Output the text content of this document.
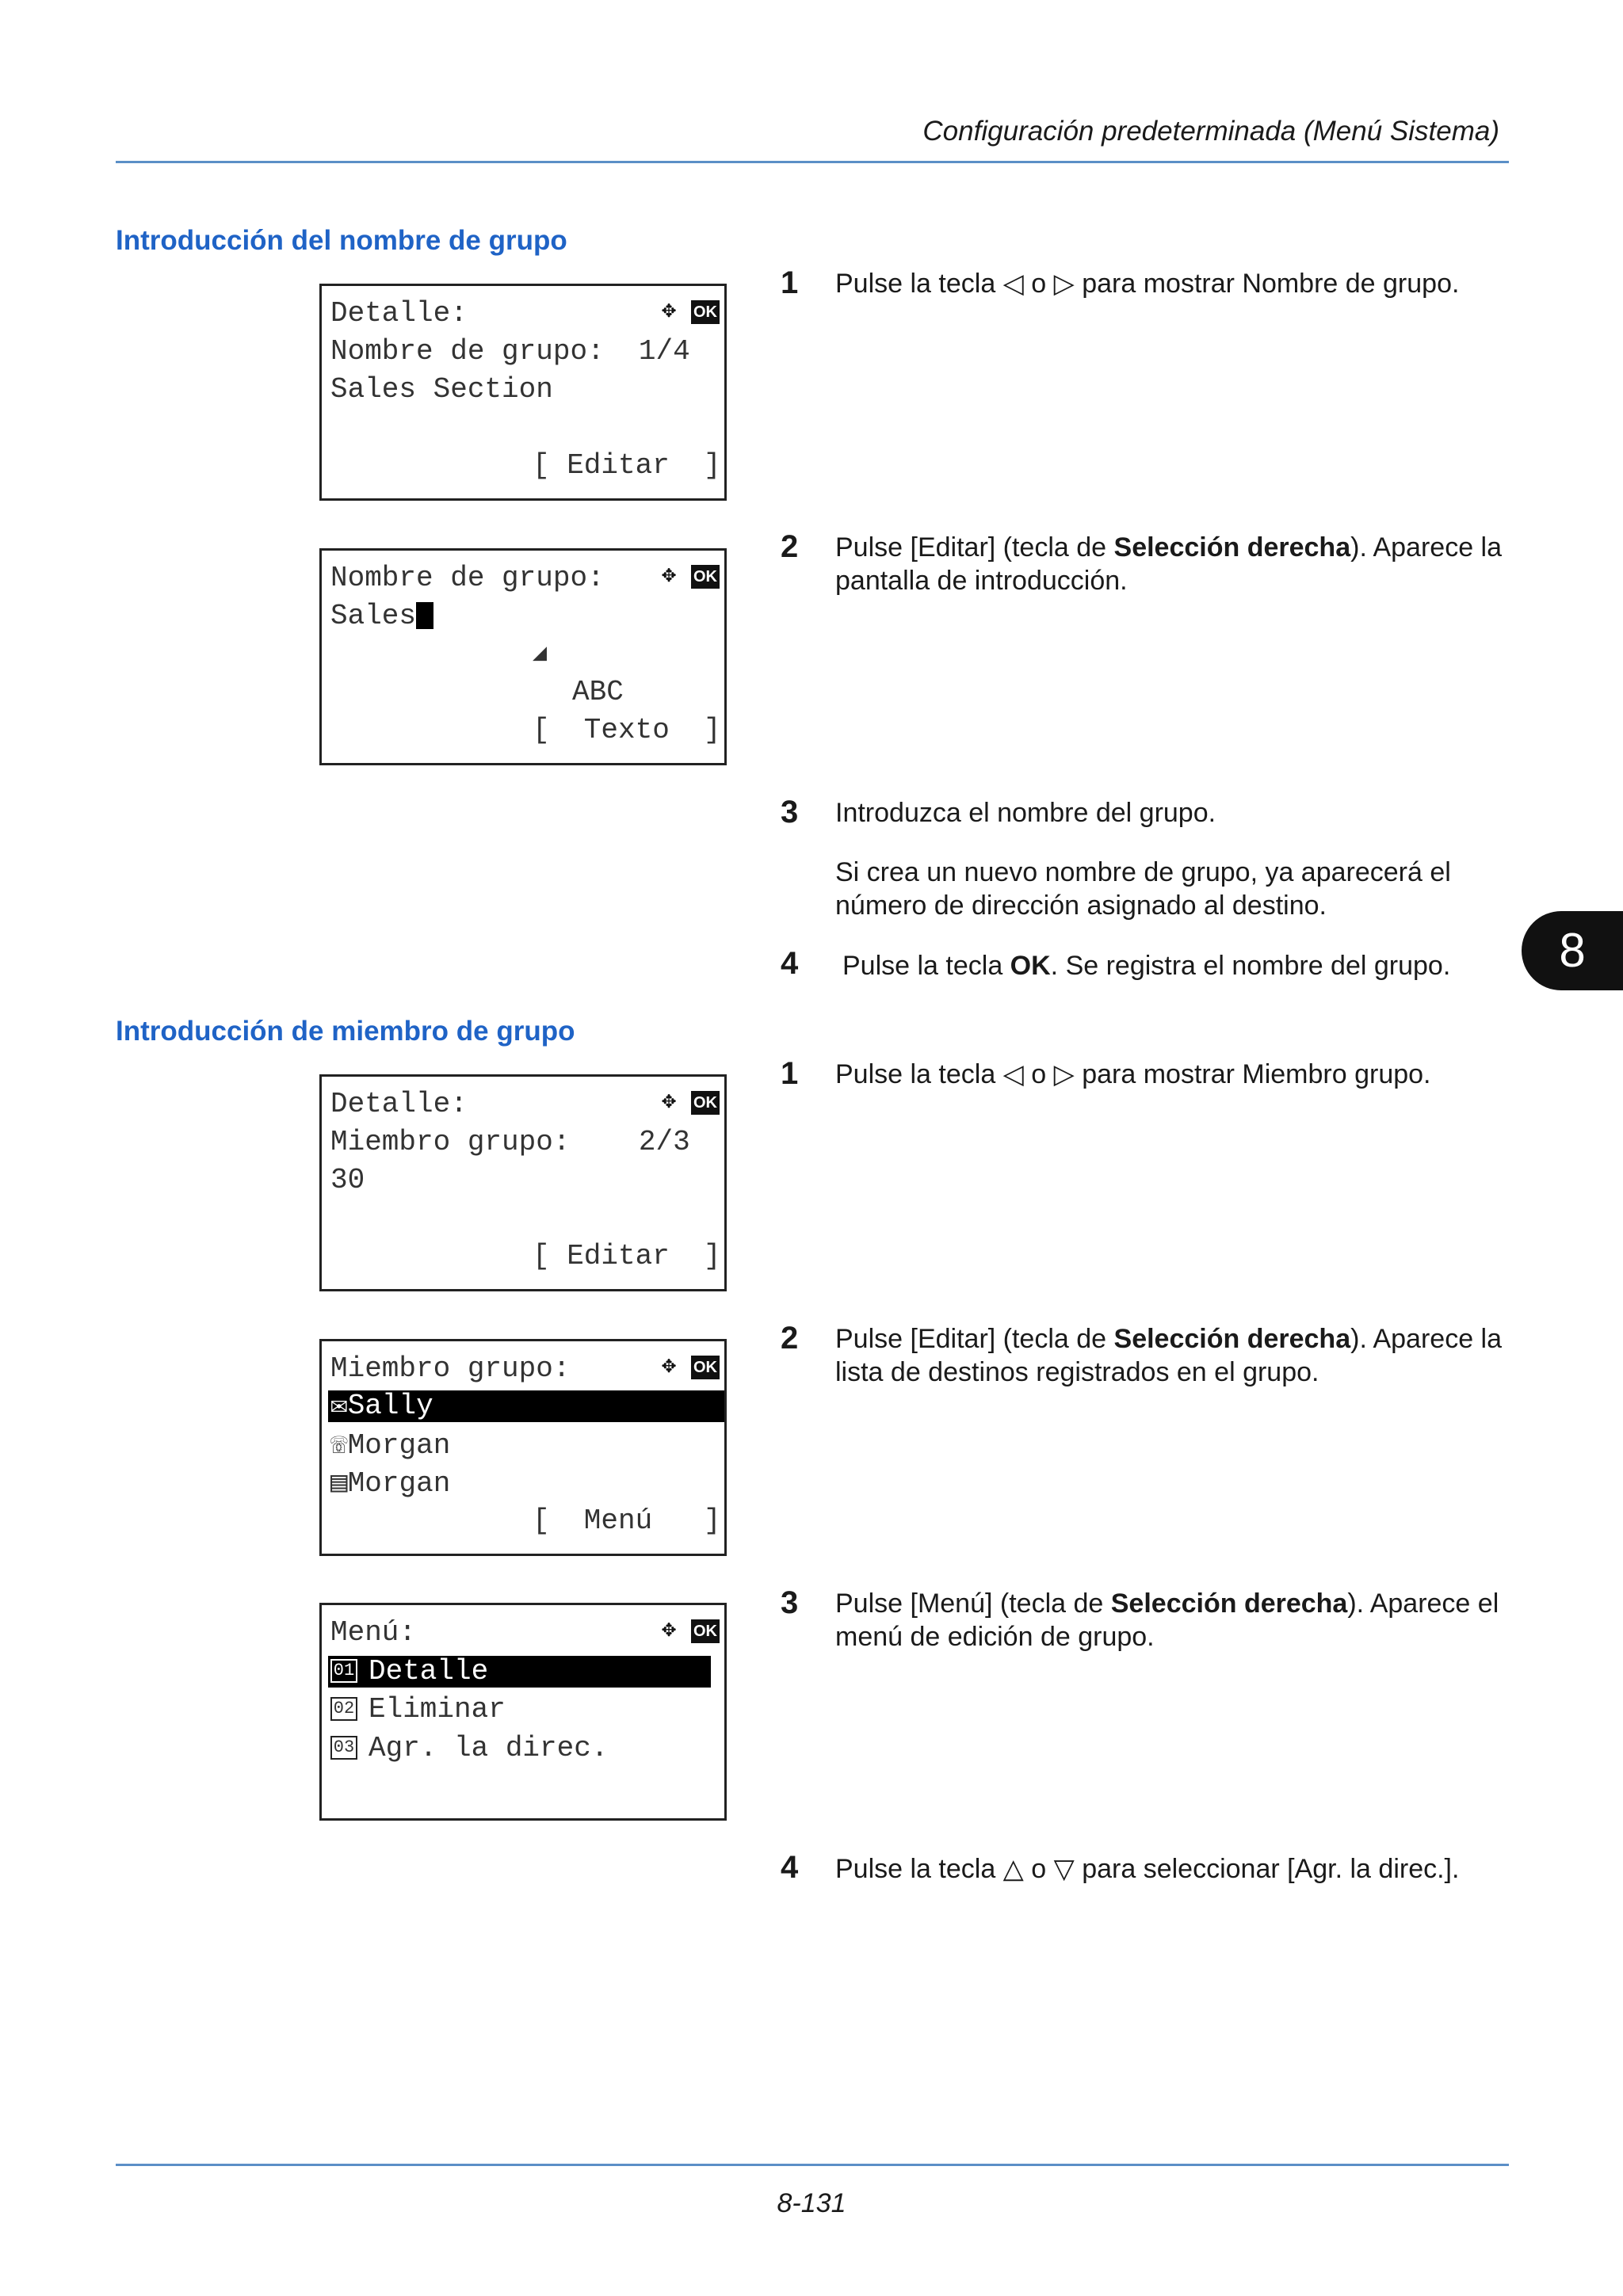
Configuración predeterminada (Menú Sistema)
Introducción del nombre de grupo
Detalle:	✥	OK
Nombre de grupo:  1/4
Sales Section
[ Editar  ]
Nombre de grupo: ✥	OK
Sales
◢
ABC
[  Texto  ]
1 Pulse la tecla ◁ o ▷ para mostrar Nombre de grupo.
2 Pulse [Editar] (tecla de Selección derecha). Aparece la pantalla de introducción.
3 Introduzca el nombre del grupo.
Si crea un nuevo nombre de grupo, ya aparecerá el número de dirección asignado al destino.
4 Pulse la tecla OK. Se registra el nombre del grupo.
Introducción de miembro de grupo
Detalle:	✥	OK
Miembro grupo:    2/3
30
[ Editar  ]
Miembro grupo:	✥	OK
✉Sally
☏Morgan
▤Morgan
[  Menú   ]
Menú:	✥	OK
01 Detalle
02 Eliminar
03 Agr. la direc.
1 Pulse la tecla ◁ o ▷ para mostrar Miembro grupo.
2 Pulse [Editar] (tecla de Selección derecha). Aparece la lista de destinos registrados en el grupo.
3 Pulse [Menú] (tecla de Selección derecha). Aparece el menú de edición de grupo.
4 Pulse la tecla △ o ▽ para seleccionar [Agr. la direc.].
8
8-131
